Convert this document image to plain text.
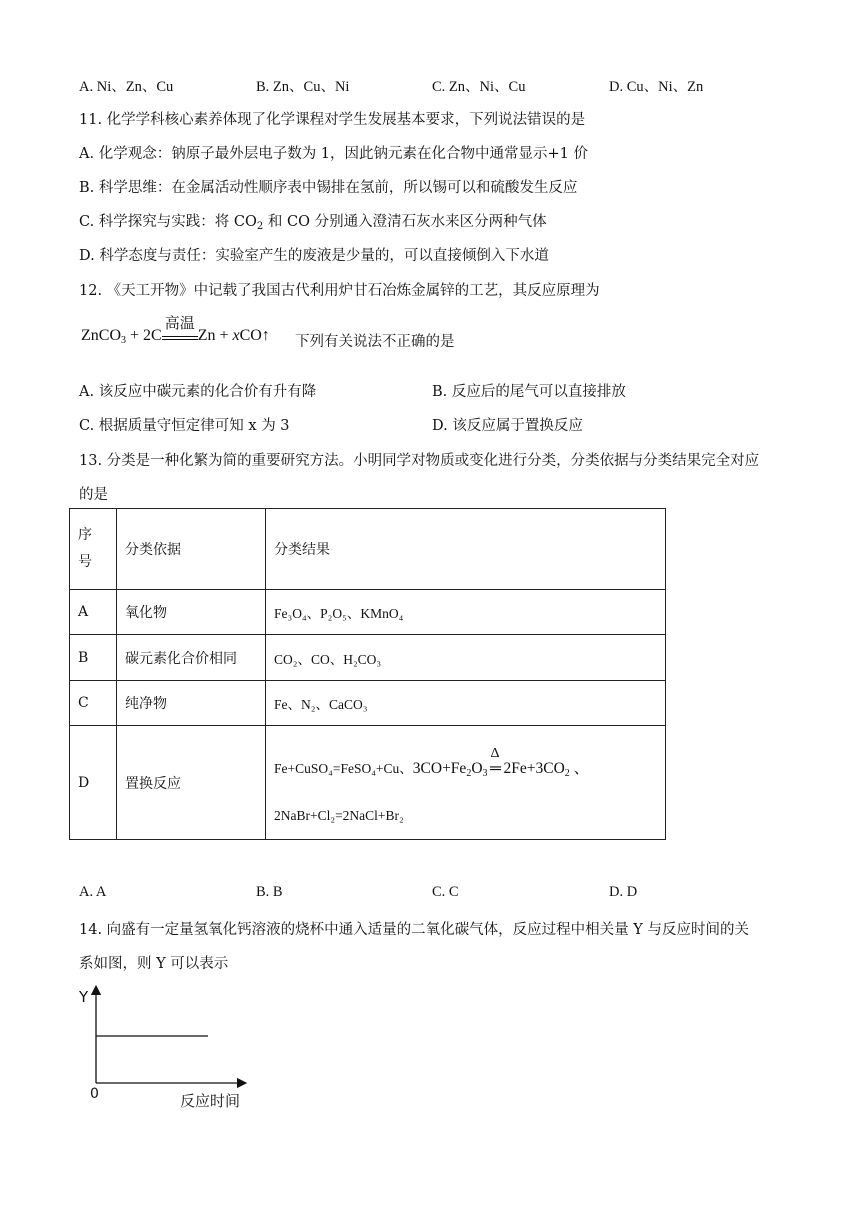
A. Ni、Zn、Cu	B. Zn、Cu、Ni	C. Zn、Ni、Cu	D. Cu、Ni、Zn
11. 化学学科核心素养体现了化学课程对学生发展基本要求，下列说法错误的是
A. 化学观念：钠原子最外层电子数为 1，因此钠元素在化合物中通常显示+1 价
B. 科学思维：在金属活动性顺序表中锡排在氢前，所以锡可以和硫酸发生反应
C. 科学探究与实践：将 $CO_2$ 和 CO 分别通入澄清石灰水来区分两种气体
D. 科学态度与责任：实验室产生的废液是少量的，可以直接倾倒入下水道
12. 《天工开物》中记载了我国古代利用炉甘石冶炼金属锌的工艺，其反应原理为
ZnCO$_3$ + 2C
高温
Zn + xCO↑ 下列有关说法不正确的是
A. 该反应中碳元素的化合价有升有降	B. 反应后的尾气可以直接排放
C. 根据质量守恒定律可知 x 为 3	D. 该反应属于置换反应
13. 分类是一种化繁为简的重要研究方法。小明同学对物质或变化进行分类，分类依据与分类结果完全对应
的是
序号	分类依据	分类结果
A	氧化物	Fe₃O₄、P₂O₅、KMnO₄
B	碳元素化合价相同	CO₂、CO、H₂CO₃
C	纯净物	Fe、N₂、CaCO₃
D	置换反应	Fe+CuSO₄=FeSO₄+Cu、$3CO+Fe_2O_3$
Δ
═ $2Fe+3CO_2$ 、
2NaBr+Cl₂=2NaCl+Br₂
A. A	B. B	C. C	D. D
14. 向盛有一定量氢氧化钙溶液的烧杯中通入适量的二氧化碳气体，反应过程中相关量 Y 与反应时间的关
系如图，则 Y 可以表示
Y
0	反应时间
